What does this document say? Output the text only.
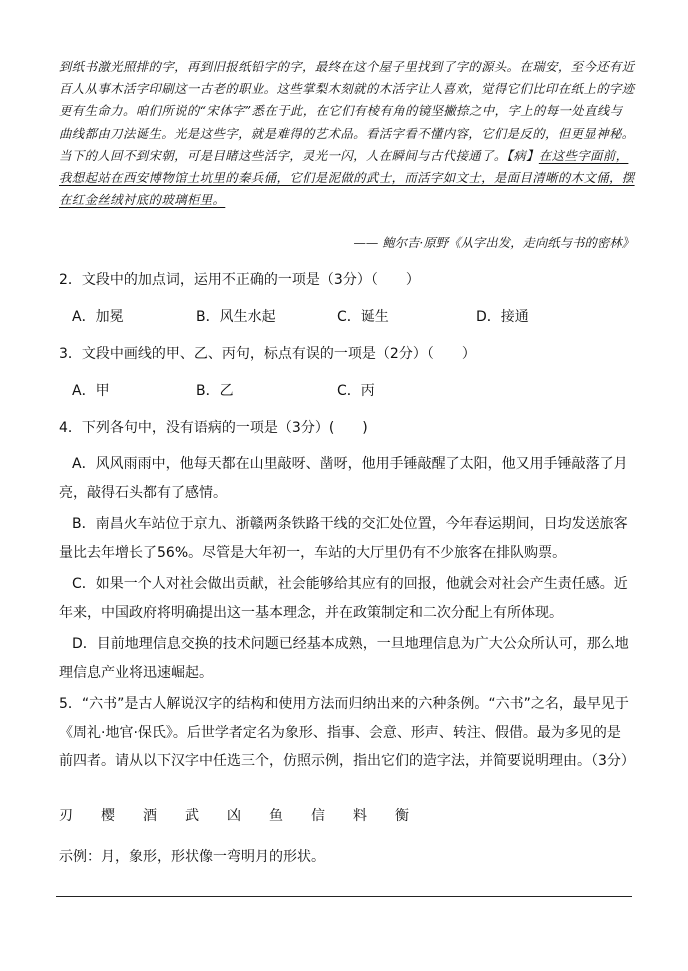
到纸书激光照排的字，再到旧报纸铅字的字，最终在这个屋子里找到了字的源头。在瑞安，至今还有近百人从事木活字印刷这一古老的职业。这些掌梨木刻就的木活字让人喜欢，觉得它们比印在纸上的字迹更有生命力。咱们所说的“宋体字”悉在于此，在它们有棱有角的镜坚撇捺之中，字上的每一处直线与曲线都由刀法诞生。光是这些字，就是难得的艺术品。看活字看不懂内容，它们是反的，但更显神秘。当下的人回不到宋朝，可是目睹这些活字，灵光一闪，人在瞬间与古代接通了。【病】在这些字面前，我想起站在西安博物馆土坑里的秦兵俑，它们是泥做的武士，而活字如文士，是面目清晰的木文俑，摆在红金丝绒衬底的玻璃柜里。
—— 鲍尔吉·原野《从字出发，走向纸与书的密林》
2．文段中的加点词，运用不正确的一项是（3分）（　　）
A．加冕	B．风生水起	C．诞生	D．接通
3．文段中画线的甲、乙、丙句，标点有误的一项是（2分）（　　）
A．甲	B．乙	C．丙
4．下列各句中，没有语病的一项是（3分）(　　)
A．风风雨雨中，他每天都在山里敲呀、凿呀，他用手锤敲醒了太阳，他又用手锤敲落了月亮，敲得石头都有了感情。
B．南昌火车站位于京九、浙赣两条铁路干线的交汇处位置，今年春运期间，日均发送旅客量比去年增长了56%。尽管是大年初一，车站的大厅里仍有不少旅客在排队购票。
C．如果一个人对社会做出贡献，社会能够给其应有的回报，他就会对社会产生责任感。近年来，中国政府将明确提出这一基本理念，并在政策制定和二次分配上有所体现。
D．目前地理信息交换的技术问题已经基本成熟，一旦地理信息为广大公众所认可，那么地理信息产业将迅速崛起。
5．“六书”是古人解说汉字的结构和使用方法而归纳出来的六种条例。“六书”之名，最早见于《周礼·地官·保氏》。后世学者定名为象形、指事、会意、形声、转注、假借。最为多见的是前四者。请从以下汉字中任选三个，仿照示例，指出它们的造字法，并简要说明理由。（3分）
刃 樱 酒 武 凶 鱼 信 料 衡
示例：月，象形，形状像一弯明月的形状。
